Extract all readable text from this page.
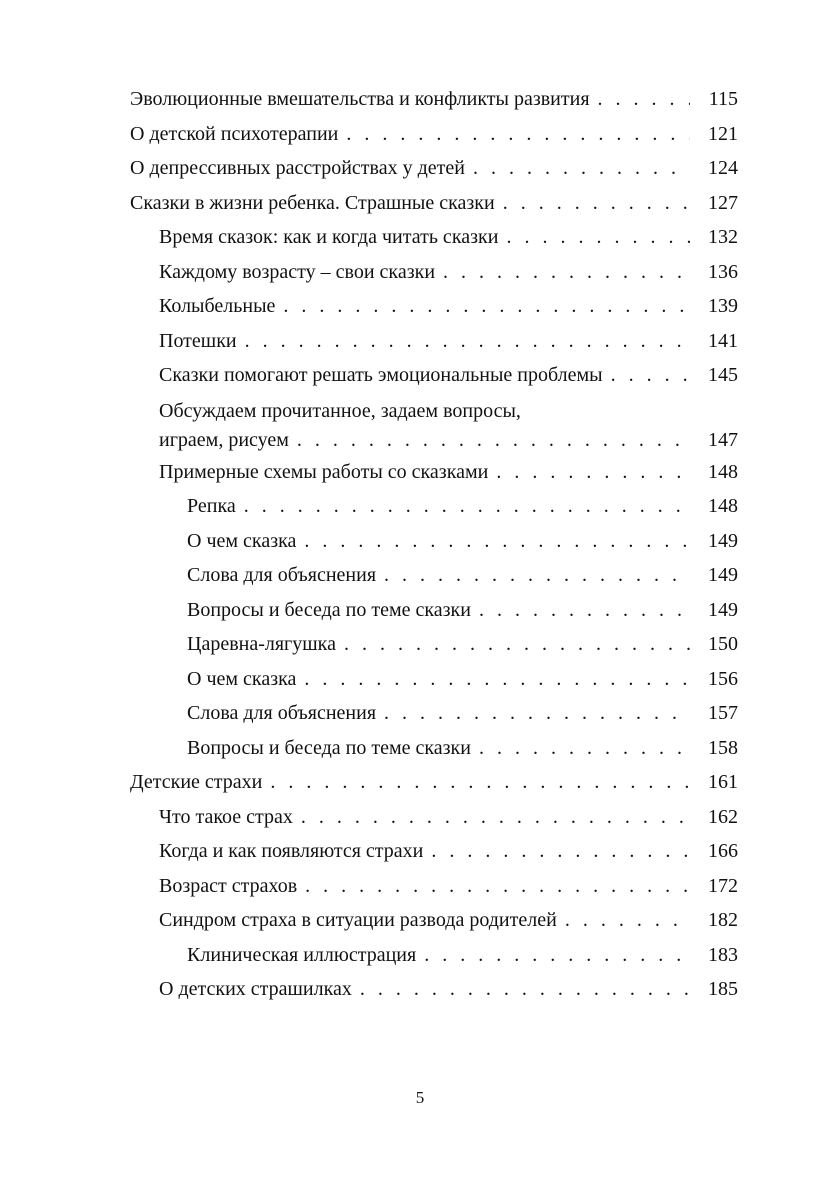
Эволюционные вмешательства и конфликты развития . . .	115
О детской психотерапии . . .	121
О депрессивных расстройствах у детей . . .	124
Сказки в жизни ребенка. Страшные сказки . . .	127
Время сказок: как и когда читать сказки . . .	132
Каждому возрасту – свои сказки . . .	136
Колыбельные . . .	139
Потешки . . .	141
Сказки помогают решать эмоциональные проблемы . . .	145
Обсуждаем прочитанное, задаем вопросы,
играем, рисуем . . .	147
Примерные схемы работы со сказками . . .	148
Репка . . .	148
О чем сказка . . .	149
Слова для объяснения . . .	149
Вопросы и беседа по теме сказки . . .	149
Царевна-лягушка . . .	150
О чем сказка . . .	156
Слова для объяснения . . .	157
Вопросы и беседа по теме сказки . . .	158
Детские страхи . . .	161
Что такое страх . . .	162
Когда и как появляются страхи . . .	166
Возраст страхов . . .	172
Синдром страха в ситуации развода родителей . . .	182
Клиническая иллюстрация . . .	183
О детских страшилках . . .	185
5
